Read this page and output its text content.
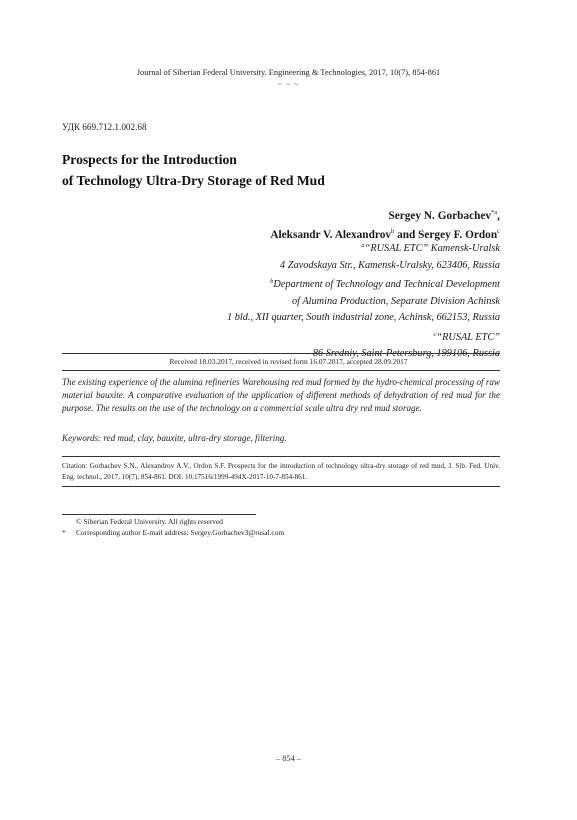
Journal of Siberian Federal University. Engineering & Technologies, 2017, 10(7), 854-861
~ ~ ~
УДК 669.712.1.002.68
Prospects for the Introduction
of Technology Ultra-Dry Storage of Red Mud
Sergey N. Gorbachev$^{*a}$,
Aleksandr V. Alexandrov$^b$ and Sergey F. Ordon$^c$
$^a$“RUSAL ETC” Kamensk-Uralsk
4 Zavodskaya Str., Kamensk-Uralsky, 623406, Russia
$^b$Department of Technology and Technical Development
of Alumina Production, Separate Division Achinsk
1 bld., XII quarter, South industrial zone, Achinsk, 662153, Russia
$^c$“RUSAL ETC”
86 Sredniy, Saint-Petersburg, 199106, Russia
Received 18.03.2017, received in revised form 16.07.2017, accepted 28.09.2017
The existing experience of the alumina refineries Warehousing red mud formed by the hydro-chemical processing of raw material bauxite. A comparative evaluation of the application of different methods of dehydration of red mud for the purpose. The results on the use of the technology on a commercial scale ultra dry red mud storage.
Keywords: red mud, clay, bauxite, ultra-dry storage, filtering.
Citation: Gorbachev S.N., Alexandrov A.V., Ordon S.F. Prospects for the introduction of technology ultra-dry storage of red mud, J. Sib. Fed. Univ. Eng. technol., 2017, 10(7), 854-861. DOI: 10.17516/1999-494X-2017-10-7-854-861.
© Siberian Federal University. All rights reserved
*	Corresponding author E-mail address: Sergey.Gorbachev3@rusal.com
– 854 –
